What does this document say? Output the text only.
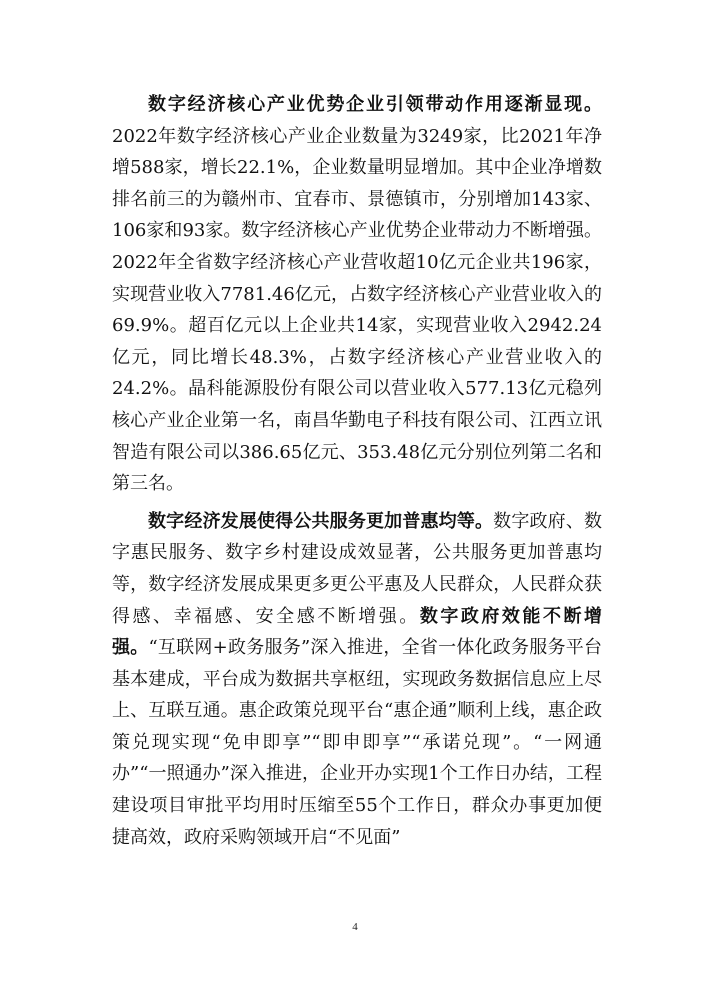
数字经济核心产业优势企业引领带动作用逐渐显现。2022年数字经济核心产业企业数量为3249家，比2021年净增588家，增长22.1%，企业数量明显增加。其中企业净增数排名前三的为赣州市、宜春市、景德镇市，分别增加143家、106家和93家。数字经济核心产业优势企业带动力不断增强。2022年全省数字经济核心产业营收超10亿元企业共196家，实现营业收入7781.46亿元，占数字经济核心产业营业收入的69.9%。超百亿元以上企业共14家，实现营业收入2942.24亿元，同比增长48.3%，占数字经济核心产业营业收入的24.2%。晶科能源股份有限公司以营业收入577.13亿元稳列核心产业企业第一名，南昌华勤电子科技有限公司、江西立讯智造有限公司以386.65亿元、353.48亿元分别位列第二名和第三名。

数字经济发展使得公共服务更加普惠均等。数字政府、数字惠民服务、数字乡村建设成效显著，公共服务更加普惠均等，数字经济发展成果更多更公平惠及人民群众，人民群众获得感、幸福感、安全感不断增强。数字政府效能不断增强。“互联网+政务服务”深入推进，全省一体化政务服务平台基本建成，平台成为数据共享枢纽，实现政务数据信息应上尽上、互联互通。惠企政策兑现平台“惠企通”顺利上线，惠企政策兑现实现“免申即享”“即申即享”“承诺兑现”。“一网通办”“一照通办”深入推进，企业开办实现1个工作日办结，工程建设项目审批平均用时压缩至55个工作日，群众办事更加便捷高效，政府采购领域开启“不见面”

4
